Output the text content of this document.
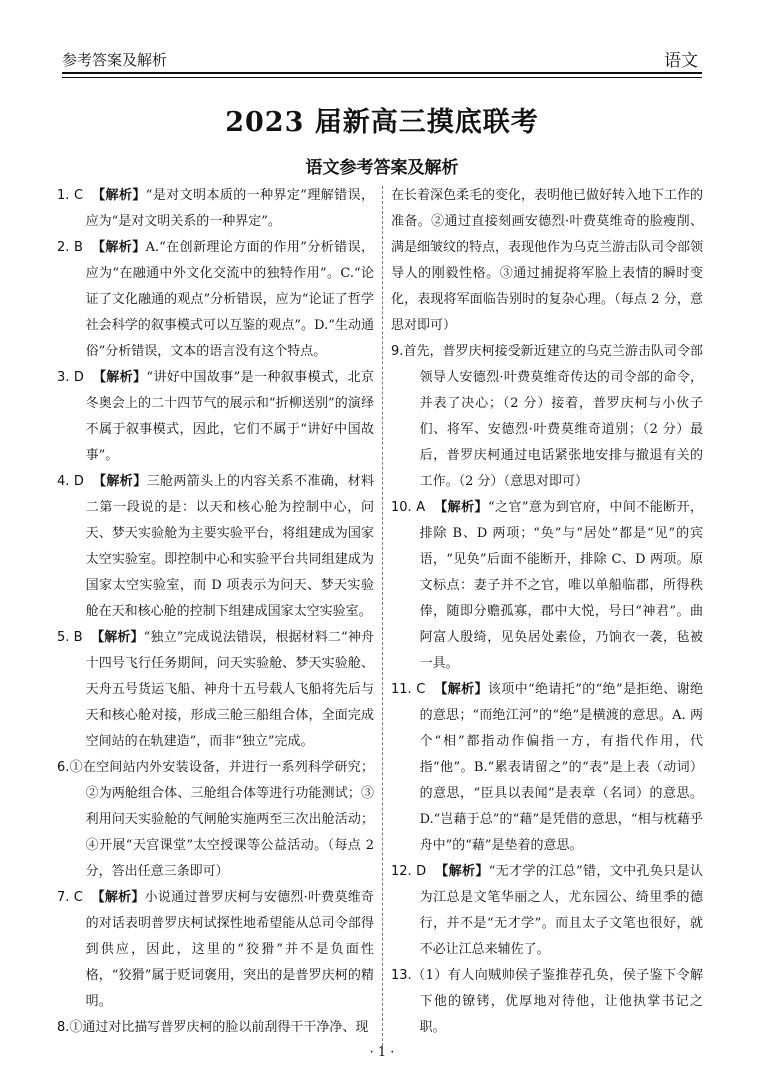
参考答案及解析	语文
2023 届新高三摸底联考
语文参考答案及解析
1. C 【解析】“是对文明本质的一种界定”理解错误，应为“是对文明关系的一种界定”。
2. B 【解析】A.“在创新理论方面的作用”分析错误，应为“在融通中外文化交流中的独特作用”。C.“论证了文化融通的观点”分析错误，应为“论证了哲学社会科学的叙事模式可以互鉴的观点”。D.“生动通俗”分析错误，文本的语言没有这个特点。
3. D 【解析】“讲好中国故事”是一种叙事模式，北京冬奥会上的二十四节气的展示和“折柳送别”的演绎不属于叙事模式，因此，它们不属于“讲好中国故事”。
4. D 【解析】三舱两箭头上的内容关系不准确，材料二第一段说的是：以天和核心舱为控制中心，问天、梦天实验舱为主要实验平台，将组建成为国家太空实验室。即控制中心和实验平台共同组建成为国家太空实验室，而 D 项表示为问天、梦天实验舱在天和核心舱的控制下组建成国家太空实验室。
5. B 【解析】“独立”完成说法错误，根据材料二“神舟十四号飞行任务期间，问天实验舱、梦天实验舱、天舟五号货运飞船、神舟十五号载人飞船将先后与天和核心舱对接，形成三舱三船组合体，全面完成空间站的在轨建造”，而非“独立”完成。
6.①在空间站内外安装设备，并进行一系列科学研究；②为两舱组合体、三舱组合体等进行功能测试；③利用问天实验舱的气闸舱实施两至三次出舱活动；④开展“天宫课堂”太空授课等公益活动。（每点 2 分，答出任意三条即可）
7. C 【解析】小说通过普罗庆柯与安德烈·叶费莫维奇的对话表明普罗庆柯试探性地希望能从总司令部得到供应，因此，这里的“狡猾”并不是负面性格，“狡猾”属于贬词褒用，突出的是普罗庆柯的精明。
8.①通过对比描写普罗庆柯的脸以前刮得干干净净、现
在长着深色柔毛的变化，表明他已做好转入地下工作的准备。②通过直接刻画安德烈·叶费莫维奇的脸瘦削、满是细皱纹的特点，表现他作为乌克兰游击队司令部领导人的刚毅性格。③通过捕捉将军脸上表情的瞬时变化，表现将军面临告别时的复杂心理。（每点 2 分，意思对即可）
9.首先，普罗庆柯接受新近建立的乌克兰游击队司令部领导人安德烈·叶费莫维奇传达的司令部的命令，并表了决心；（2 分）接着，普罗庆柯与小伙子们、将军、安德烈·叶费莫维奇道别；（2 分）最后，普罗庆柯通过电话紧张地安排与撤退有关的工作。（2 分）（意思对即可）
10. A 【解析】“之官”意为到官府，中间不能断开，排除 B、D 两项；“奂”与“居处”都是“见”的宾语，“见奂”后面不能断开，排除 C、D 两项。原文标点：妻子并不之官，唯以单船临郡，所得秩俸，随即分赡孤寡，郡中大悦，号曰“神君”。曲阿富人殷绮，见奂居处素俭，乃饷衣一袭，毡被一具。
11. C 【解析】该项中“绝请托”的“绝”是拒绝、谢绝的意思；“而绝江河”的“绝”是横渡的意思。A. 两个“相”都指动作偏指一方，有指代作用，代指“他”。B.“累表请留之”的“表”是上表（动词）的意思，“臣具以表闻”是表章（名词）的意思。D.“岂藉于总”的“藉”是凭借的意思，“相与枕藉乎舟中”的“藉”是垫着的意思。
12. D 【解析】“无才学的江总”错，文中孔奂只是认为江总是文笔华丽之人，尤东园公、绮里季的德行，并不是“无才学”。而且太子文笔也很好，就不必让江总来辅佐了。
13.（1）有人向贼帅侯子鉴推荐孔奂，侯子鉴下令解下他的镣铐，优厚地对待他，让他执掌书记之职。
· 1 ·
